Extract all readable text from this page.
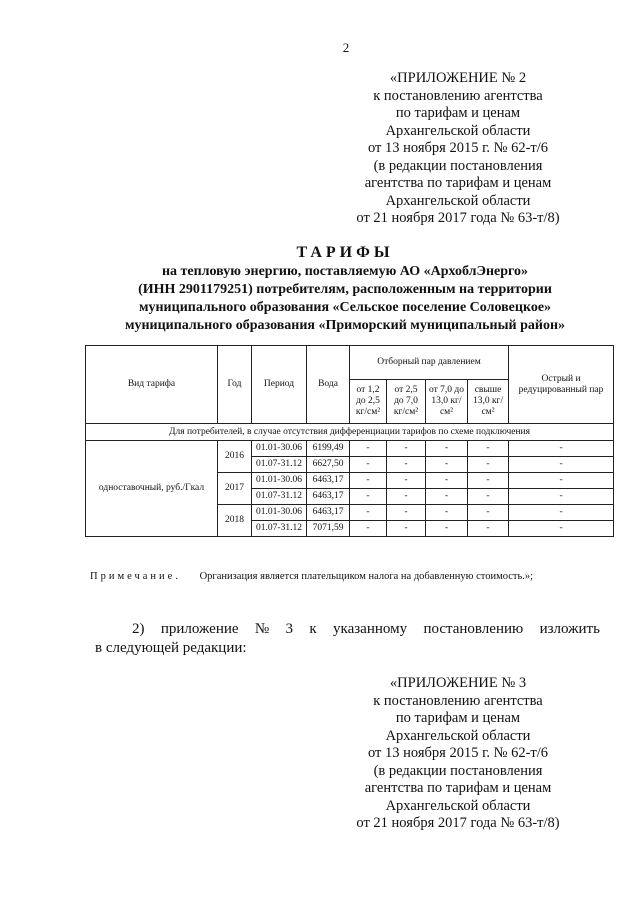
2
«ПРИЛОЖЕНИЕ № 2
к постановлению агентства
по тарифам и ценам
Архангельской области
от 13 ноября 2015 г. № 62-т/6
(в редакции постановления
агентства по тарифам и ценам
Архангельской области
от 21 ноября 2017 года № 63-т/8)
ТАРИФЫ
на тепловую энергию, поставляемую АО «АрхоблЭнерго»
(ИНН 2901179251) потребителям, расположенным на территории
муниципального образования «Сельское поселение Соловецкое»
муниципального образования «Приморский муниципальный район»
Вид тарифа	Год	Период	Вода	Отборный пар давлением				Острый и редуцированный пар
				от 1,2 до 2,5 кг/см²	от 2,5 до 7,0 кг/см²	от 7,0 до 13,0 кг/см²	свыше 13,0 кг/см²	
Для потребителей, в случае отсутствия дифференциации тарифов по схеме подключения								
одноставочный, руб./Гкал	2016	01.01-30.06	6199,49	-	-	-	-	-
		01.07-31.12	6627,50	-	-	-	-	-
	2017	01.01-30.06	6463,17	-	-	-	-	-
		01.07-31.12	6463,17	-	-	-	-	-
	2018	01.01-30.06	6463,17	-	-	-	-	-
		01.07-31.12	7071,59	-	-	-	-	-
Примечание. Организация является плательщиком налога на добавленную стоимость.»;
2) приложение № 3 к указанному постановлению изложить
в следующей редакции:
«ПРИЛОЖЕНИЕ № 3
к постановлению агентства
по тарифам и ценам
Архангельской области
от 13 ноября 2015 г. № 62-т/6
(в редакции постановления
агентства по тарифам и ценам
Архангельской области
от 21 ноября 2017 года № 63-т/8)
